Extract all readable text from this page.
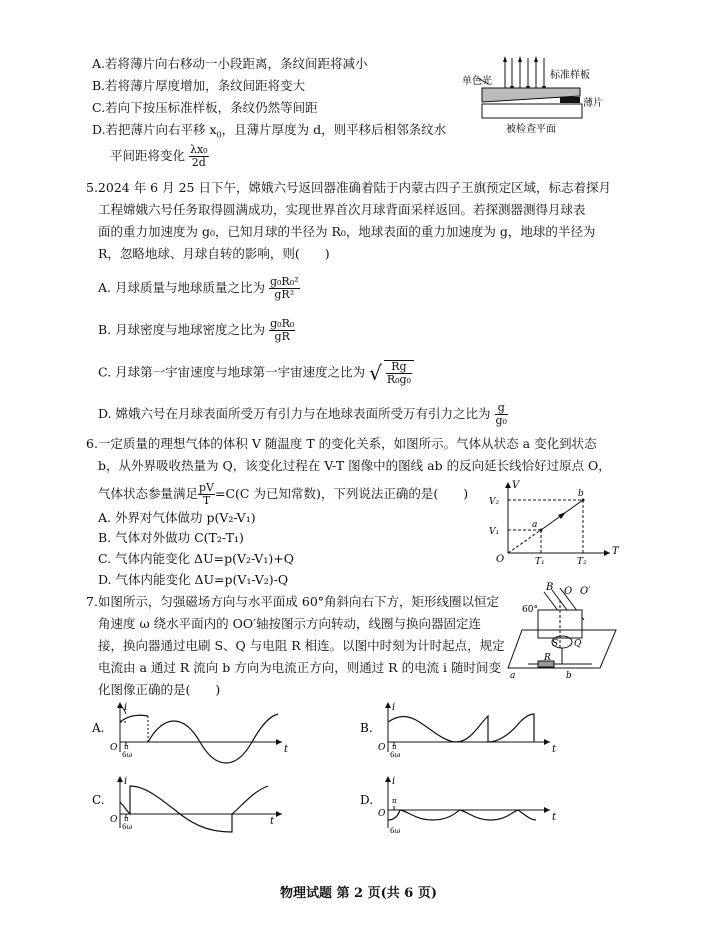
A.若将薄片向右移动一小段距离，条纹间距将减小
B.若将薄片厚度增加，条纹间距将变大
C.若向下按压标准样板，条纹仍然等间距
D.若把薄片向右平移 $x_0$，且薄片厚度为 d，则平移后相邻条纹水
平间距将变化 $\frac{\text{λx₀}}{2d}$
单色光
标准样板
薄片
被检查平面
5.2024 年 6 月 25 日下午，嫦娥六号返回器准确着陆于内蒙古四子王旗预定区域，标志着探月
工程嫦娥六号任务取得圆满成功，实现世界首次月球背面采样返回。若探测器测得月球表
面的重力加速度为 g₀，已知月球的半径为 R₀，地球表面的重力加速度为 g，地球的半径为
R，忽略地球、月球自转的影响，则(　　)
A. 月球质量与地球质量之比为 $\frac{\text{g₀R₀²}}{\text{gR²}}$
B. 月球密度与地球密度之比为 $\frac{\text{g₀R₀}}{gR}$
C. 月球第一宇宙速度与地球第一宇宙速度之比为 √ $\frac{Rg}{\text{R₀g₀}}$
D. 嫦娥六号在月球表面所受万有引力与在地球表面所受万有引力之比为 $\frac{g}{\text{g₀}}$
6.一定质量的理想气体的体积 V 随温度 T 的变化关系，如图所示。气体从状态 a 变化到状态
b，从外界吸收热量为 Q，该变化过程在 V-T 图像中的图线 ab 的反向延长线恰好过原点 O，
气体状态参量满足 $\frac{pV}{T} =C(C$ 为已知常数)，下列说法正确的是(　　)
A. 外界对气体做功 p(V₂-V₁)
B. 气体对外做功 C(T₂-T₁)
C. 气体内能变化 ΔU=p(V₂-V₁)+Q
D. 气体内能变化 ΔU=p(V₁-V₂)-Q
V
T
O
V₂
V₁
T₁	T₂
a
b
7.如图所示，匀强磁场方向与水平面成 60°角斜向右下方，矩形线圈以恒定
角速度 ω 绕水平面内的 OO′轴按图示方向转动，线圈与换向器固定连
接，换向器通过电刷 S、Q 与电阻 R 相连。以图中时刻为计时起点，规定
电流由 a 通过 R 流向 b 方向为电流正方向，则通过 R 的电流 i 随时间变
化图像正确的是(　　)
B O O′
60°
S Q
R
a	b
A.
i
t
O π
6ω
B.
i
t
O π
6ω
C.
i
t
O π
6ω
D.
i
t
O
π
6ω
物理试题 第 2 页(共 6 页)
